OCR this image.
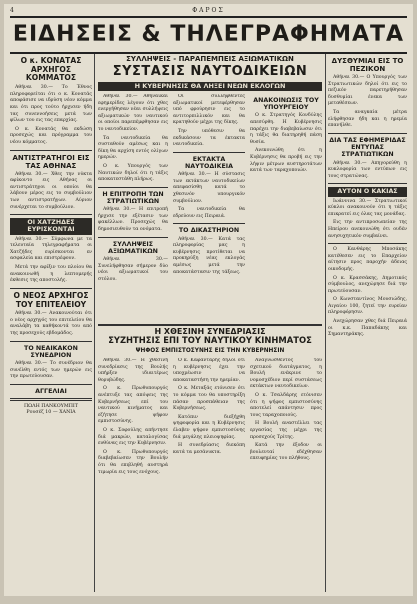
4	ΦΑΡΟΣ
ΕΙΔΗΣΕΙΣ & ΤΗΛΕΓΡΑΦΗΜΑΤΑ
Ο κ. ΚΟΝΑΤΑΣ ΑΡΧΗΓΟΣ ΚΟΜΜΑΤΟΣ

Αθήναι 30.— Το Έθνος πληροφορείται ότι ο κ. Κονατάς αποφάσισε να ιδρύση νέον κόμμα και ότι προς τούτο ήρχισεν ήδη τας συνεννοήσεις μετά των φίλων του εις τας επαρχίας.

Ο κ. Κονατάς θα εκδώση προσεχώς και πρόγραμμα του νέου κόμματος.

ΑΝΤΙΣΤΡΑΤΗΓΟΙ ΕΙΣ ΤΑΣ ΑΘΗΝΑΣ

Αθήναι 30.— Χθες την νύκτα αφίκοντο εις Αθήνας οι αντιστράτηγοι οι οποίοι θα λάβουν μέρος εις το συμβούλιον των αντιστρατήγων. Αύριον συνέρχεται το συμβούλιον.

ΟΙ ΧΑΤΖΗΔΕΣ ΕΥΡΙΣΚΟΝΤΑΙ

Αθήναι 30.— Σύμφωνα με τα τελευταία τηλεγραφήματα οι Χατζήδες ευρίσκονται εν ασφαλεία και επιστρέφουν.

Μετά την αφίξιν του πλοίου θα ανακοινωθή η λεπτομερής έκθεσις της αποστολής.

Ο ΝΕΟΣ ΑΡΧΗΓΟΣ ΤΟΥ ΕΠΙΤΕΛΕΙΟΥ

Αθήναι 30.— Ανακοινούται ότι ο νέος αρχηγός του επιτελείου θα αναλάβη τα καθήκοντά του από της προσεχούς εβδομάδος.

ΤΟ ΝΕΑΙΚΑΚΟΝ ΣΥΝΕΔΡΙΟΝ

Αθήναι 30.— Το συνέδριον θα συνέλθη εντός των ημερών εις την πρωτεύουσαν.

ΑΓΓΕΛΙΑΙ
ΠΩΛΗ ΠΑΝΚΟΥΜΠΙΤ
Ρουσέζ 10 — ΧΑΝΙΑ
ΣΥΛΛΗΨΕΙΣ - ΠΑΡΑΠΕΜΠΕΙΣ ΑΞΙΩΜΑΤΙΚΩΝ
ΣΥΣΤΑΣΙΣ ΝΑΥΤΟΔΙΚΕΙΩΝ
Η ΚΥΒΕΡΝΗΣΙΣ ΘΑ ΛΗΞΕΙ ΝΕΩΝ ΕΚΛΟΓΩΝ

Αθήναι 30.— Αθηναϊκαί εφημερίδες λέγουν ότι χθες ενεργήθησαν νέαι συλλήψεις αξιωματικών του ναυτικού οι οποίοι παρεπέμφθησαν εις το ναυτοδικείον.

Τα ναυτοδικεία θα συσταθούν αμέσως και η δίκη θα αρχίση εντός ολίγων ημερών.

Ο κ. Υπουργός των Ναυτικών δηλοί ότι η τάξις αποκατεστάθη πλήρως.

Η ΕΠΙΤΡΟΠΗ ΤΩΝ ΣΤΡΑΤΙΩΤΙΚΩΝ

Αθήναι 30.— Η επιτροπή ήρχισε την εξέτασιν των φακέλλων. Προσεχώς θα δημοσιευθούν τα ονόματα.

ΣΥΛΛΗΨΕΙΣ ΑΞΙΩΜΑΤΙΚΩΝ

Αθήναι 30.— Συνελήφθησαν σήμερον δύο νέοι αξιωματικοί του στόλου.

Οι συλληφθέντες αξιωματικοί μετεφέρθησαν υπό φρούρησιν εις το αντιτορπιλλικόν και θα κρατηθούν μέχρι της δίκης.

Την υπόθεσιν θα εκδικάσουν τα έκτακτα ναυτοδικεία.

ΕΚΤΑΚΤΑ ΝΑΥΤΟΔΙΚΕΙΑ

Αθήναι 30.— Η σύστασις των εκτάκτων ναυτοδικείων απεφασίσθη κατά το χθεσινόν υπουργικόν συμβούλιον.

Τα ναυτοδικεία θα εδρεύουν εις Πειραιά.

ΤΟ ΔΙΚΑΣΤΗΡΙΟΝ

Αθήναι 30.— Κατά τας πληροφορίας μας η κυβέρνησις προτίθεται να προκηρύξη νέας εκλογάς αμέσως μετά την αποκατάστασιν της τάξεως.

ΑΝΑΚΟΙΝΩΣΙΣ ΤΟΥ ΥΠΟΥΡΓΕΙΟΥ

Ο κ. Στρατηγός Κονδύλης απεσύρθη. Η Κυβέρνησις παρέχει την διαβεβαίωσιν ότι η τάξις θα διατηρηθή πάση θυσία.

Ανεκοινώθη ότι η Κυβέρνησις θα προβή εις την λήψιν μέτρων αυστηροτάτων κατά των ταραχοποιών.

Η ΧΘΕΣΙΝΗ ΣΥΝΕΔΡΙΑΣΙΣ
ΣΥΖΗΤΗΣΙΣ ΕΠΙ ΤΟΥ ΝΑΥΤΙΚΟΥ ΚΙΝΗΜΑΤΟΣ
ΨΗΦΟΣ ΕΜΠΙΣΤΟΣΥΝΗΣ ΕΙΣ ΤΗΝ ΚΥΒΕΡΝΗΣΙΝ

Αθήναι 30.— Η χθεσινή συνεδρίασις της Βουλής υπήρξεν ιδιαιτέρως θορυβώδης.

Ο κ. Πρωθυπουργός ανέπτυξε τας απόψεις της Κυβερνήσεως επί του ναυτικού κινήματος και εζήτησε ψήφον εμπιστοσύνης.

Ο κ. Σοφούλης απήντησε διά μακρών, καταλογίσας ευθύνας εις την Κυβέρνησιν.

Ο κ. Πρωθυπουργός διαβεβαίωσεν την Βουλήν ότι θα επιβληθή αυστηρά τιμωρία εις τους ενόχους.

Ο κ. Καφαντάρης δηλοί ότι η κυβέρνησις έχει την υποχρέωσιν να αποκαταστήση την ηρεμίαν.

Ο κ. Μεταξάς ετόνισεν ότι το κόμμα του θα υποστηρίξη πάσαν προσπάθειαν της Κυβερνήσεως.

Κατόπιν διεξήχθη ψηφοφορία και η Κυβέρνησις έλαβεν ψήφον εμπιστοσύνης διά μεγάλης πλειοψηφίας.

Η συνεδρίασις διεκόπη κατά τα μεσάνυκτα.

Αναγνωσθέντος του σχετικού διατάγματος, η Βουλή ενέκρινε το νομοσχέδιον περί συστάσεως εκτάκτων ναυτοδικείων.

Ο κ. Τσαλδάρης ετόνισεν ότι η ψήφος εμπιστοσύνης αποτελεί απάντησιν προς τους ταραχοποιούς.

Η Βουλή αναστέλλει τας εργασίας της μέχρι της προσεχούς Τρίτης.

Κατά την έξοδον οι βουλευταί εδέχθησαν επευφημίας του πλήθους.

ΔΥΣΘΥΜΙΑΙ ΕΙΣ ΤΟ ΠΕΖΙΚΟΝ

Αθήναι 30.— Ο Υπουργός των Στρατιωτικών δηλοί ότι εις το πεζικόν παρετηρήθησαν δυσθυμίαι ένεκα των μεταθέσεων.

Τα αναγκαία μέτρα ελήφθησαν ήδη και η ηρεμία επανήλθε.

ΔΙΑ ΤΑΣ ΕΦΗΜΕΡΙΔΑΣ ΕΝΤΥΠΑΣ ΣΤΡΑΤΙΩΤΙΚΩΝ

Αθήναι 30.— Απηγορεύθη η κυκλοφορία των εντύπων εις τους στρατώνας.

ΑΥΤΟΝ Ο ΚΑΚΙΑΣ

Ιωάννινα 30.— Στρατιωτικοί κύκλοι ανακοινούν ότι η τάξις επικρατεί εις όλας τας μονάδας.

Εις την αντιπροσωπείαν της Ηπείρου ανεκοινώθη ότι ουδέν ανησυχητικόν συμβαίνει.

Ο Κανθάρης Μποσάκης κατέθεσεν εις το Επαρχείον αίτησιν προς παροχήν άδειας οικοδομής.

Ο κ. Κρασσάκης, Δημοτικός σύμβουλος, ανεχώρησε διά την πρωτεύουσαν.

Ο Κωνσταντίνος Μουσιώδης, Αιγαίου 100, ζητεί την ευρείαν πληροφόρησιν.

Ανεχώρησαν χθες διά Πειραιά οι κ.κ. Παπαδάκης και Σημαντηράκης.
